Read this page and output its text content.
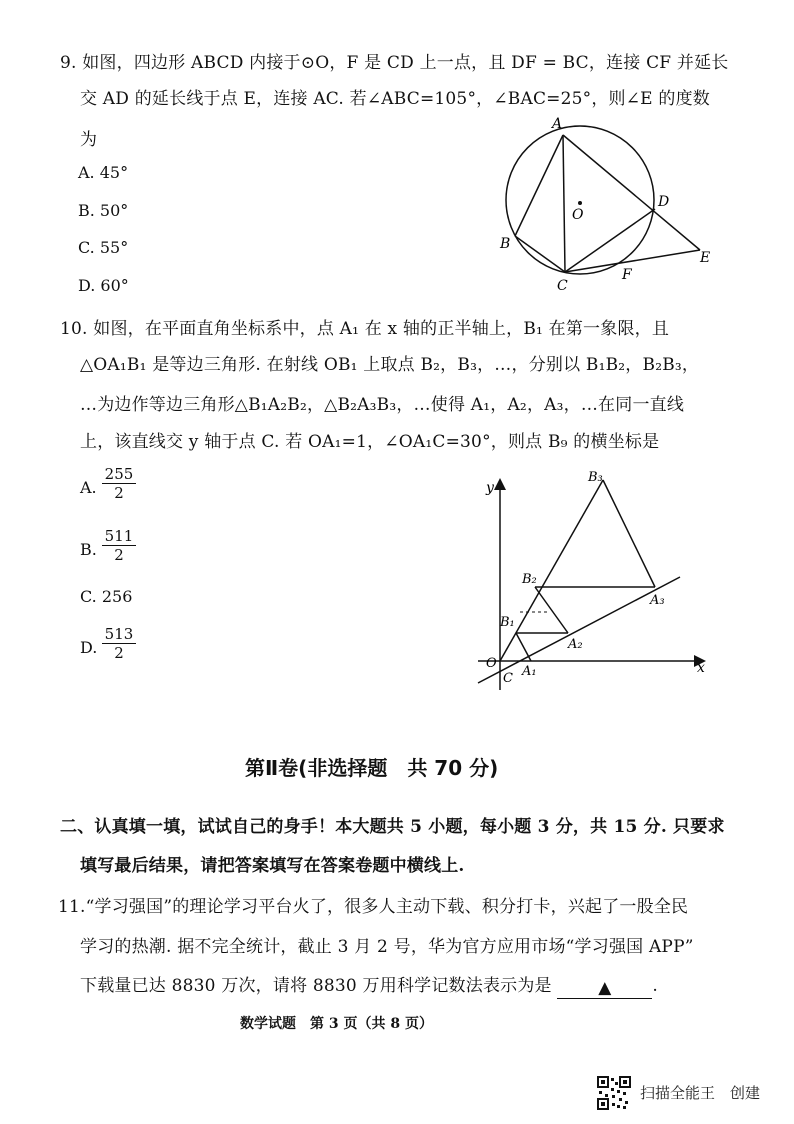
9. 如图，四边形 ABCD 内接于⊙O，F 是 CD 上一点，且 DF = BC，连接 CF 并延长
交 AD 的延长线于点 E，连接 AC. 若∠ABC=105°，∠BAC=25°，则∠E 的度数
为
A. 45°
B. 50°
C. 55°
D. 60°
A
B
C
D
E
F
O
10. 如图，在平面直角坐标系中，点 A₁ 在 x 轴的正半轴上，B₁ 在第一象限，且
△OA₁B₁ 是等边三角形. 在射线 OB₁ 上取点 B₂，B₃，…，分别以 B₁B₂，B₂B₃，
…为边作等边三角形△B₁A₂B₂，△B₂A₃B₃，…使得 A₁，A₂，A₃，…在同一直线
上，该直线交 y 轴于点 C. 若 OA₁=1，∠OA₁C=30°，则点 B₉ 的横坐标是
A. $\frac{255}{2}$
B. $\frac{511}{2}$
C. 256
D. $\frac{513}{2}$
y
x
O
C A₁
A₂
A₃
B₁
B₂
B₃
第Ⅱ卷(非选择题　共 70 分)
二、认真填一填，试试自己的身手！本大题共 5 小题，每小题 3 分，共 15 分. 只要求
填写最后结果，请把答案填写在答案卷题中横线上.
11.“学习强国”的理论学习平台火了，很多人主动下载、积分打卡，兴起了一股全民
学习的热潮. 据不完全统计，截止 3 月 2 号，华为官方应用市场“学习强国 APP”
下载量已达 8830 万次，请将 8830 万用科学记数法表示为是	▲ .
数学试题　第 3 页（共 8 页）
扫描全能王　创建
